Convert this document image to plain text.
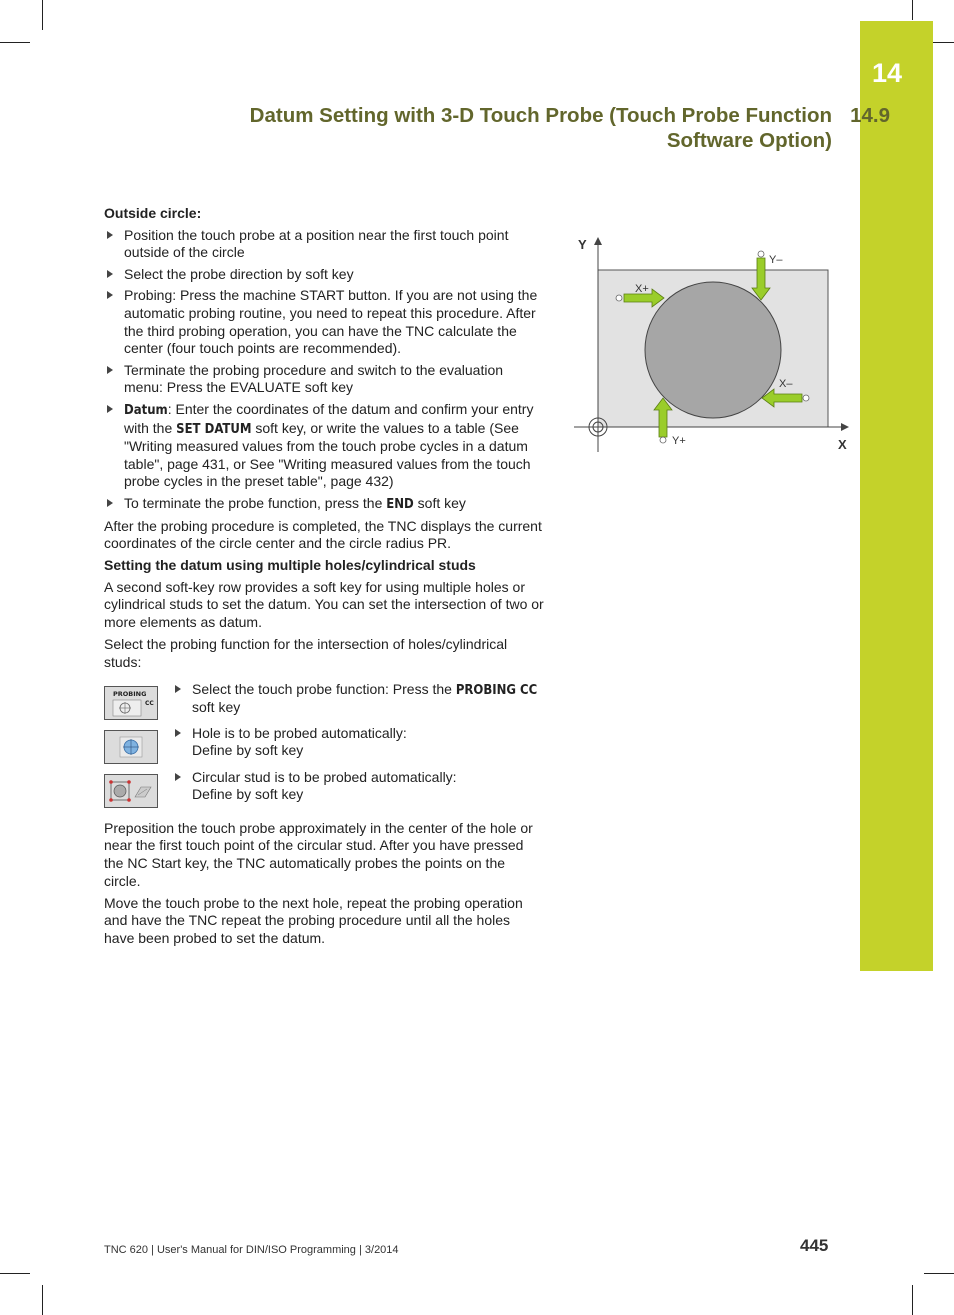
14
Datum Setting with 3-D Touch Probe (Touch Probe Function
Software Option)
14.9
Outside circle:
Position the touch probe at a position near the first touch point outside of the circle
Select the probe direction by soft key
Probing: Press the machine START button. If you are not using the automatic probing routine, you need to repeat this procedure. After the third probing operation, you can have the TNC calculate the center (four touch points are recommended).
Terminate the probing procedure and switch to the evaluation menu: Press the EVALUATE soft key
Datum: Enter the coordinates of the datum and confirm your entry with the SET DATUM soft key, or write the values to a table (See "Writing measured values from the touch probe cycles in a datum table", page 431, or See "Writing measured values from the touch probe cycles in the preset table", page 432)
To terminate the probe function, press the END soft key

After the probing procedure is completed, the TNC displays the current coordinates of the circle center and the circle radius PR.

Setting the datum using multiple holes/cylindrical studs

A second soft-key row provides a soft key for using multiple holes or cylindrical studs to set the datum. You can set the intersection of two or more elements as datum.

Select the probing function for the intersection of holes/cylindrical studs:

PROBING
CC
Select the touch probe function: Press the PROBING CC soft key
Hole is to be probed automatically:
Define by soft key
Circular stud is to be probed automatically:
Define by soft key

Preposition the touch probe approximately in the center of the hole or near the first touch point of the circular stud. After you have pressed the NC Start key, the TNC automatically probes the points on the circle.

Move the touch probe to the next hole, repeat the probing operation and have the TNC repeat the probing procedure until all the holes have been probed to set the datum.

Y
X
X+
Y–
X–
Y+
TNC 620 | User's Manual for DIN/ISO Programming | 3/2014	445
